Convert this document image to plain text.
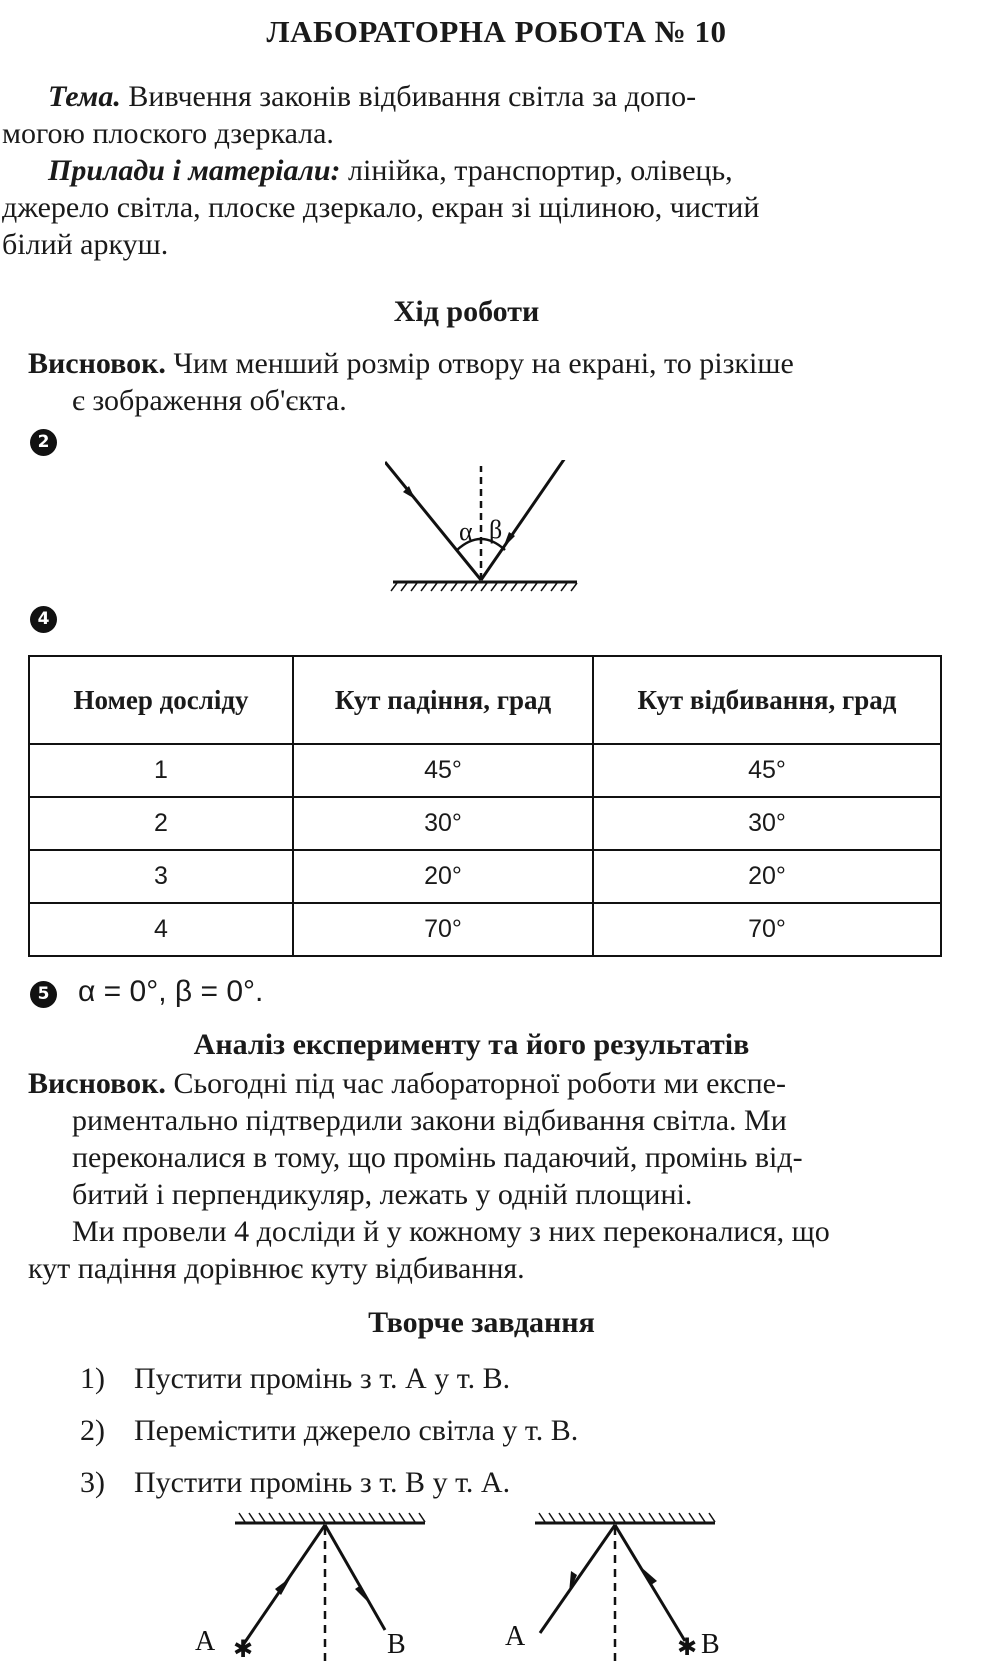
ЛАБОРАТОРНА РОБОТА № 10
Тема. Вивчення законів відбивання світла за допо-
могою плоского дзеркала.
Прилади і матеріали: лінійка, транспортир, олівець,
джерело світла, плоске дзеркало, екран зі щілиною, чистий
білий аркуш.
Хід роботи
Висновок. Чим менший розмір отвору на екрані, то різкіше
є зображення об'єкта.
2
α β
4
Номер досліду	Кут падіння, град	Кут відбивання, град
1	45°	45°
2	30°	30°
3	20°	20°
4	70°	70°
5 α = 0°, β = 0°.
Аналіз експерименту та його результатів
Висновок. Сьогодні під час лабораторної роботи ми експе-
риментально підтвердили закони відбивання світла. Ми
переконалися в тому, що промінь падаючий, промінь від-
битий і перпендикуляр, лежать у одній площині.
Ми провели 4 досліди й у кожному з них переконалися, що
кут падіння дорівнює куту відбивання.
Творче завдання
1) Пустити промінь з т. А у т. В.
2) Перемістити джерело світла у т. В.
3) Пустити промінь з т. В у т. А.
A ✱	B	A	✱ B
